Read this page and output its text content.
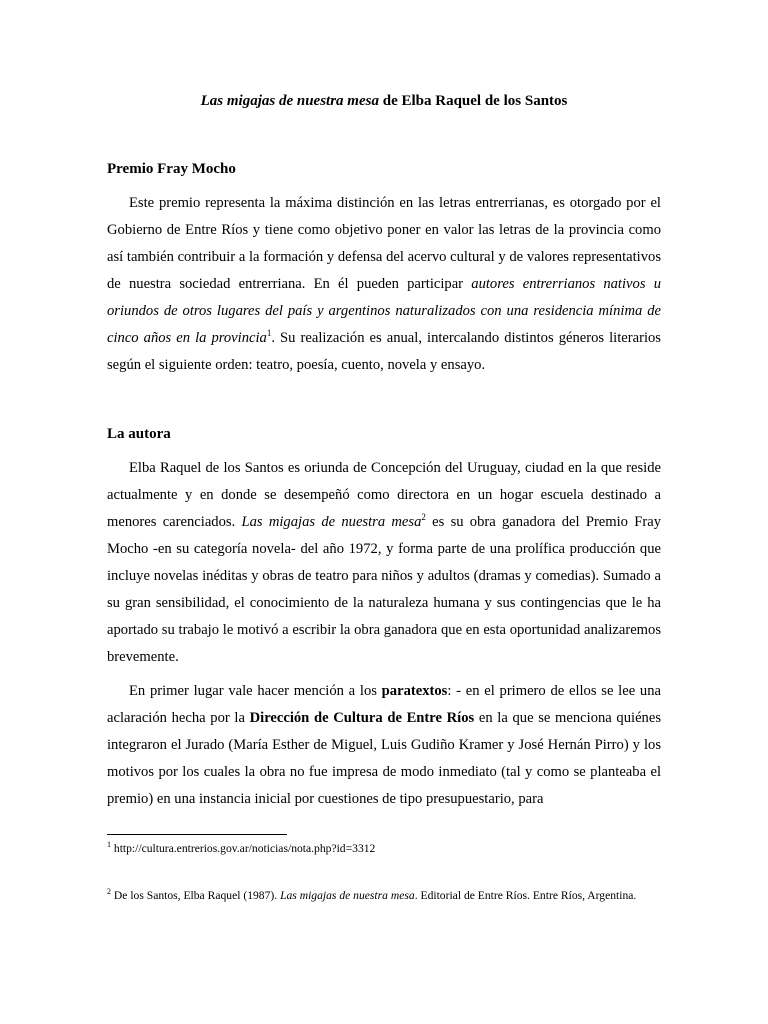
Las migajas de nuestra mesa de Elba Raquel de los Santos
Premio Fray Mocho
Este premio representa la máxima distinción en las letras entrerrianas, es otorgado por el Gobierno de Entre Ríos y tiene como objetivo poner en valor las letras de la provincia como así también contribuir a la formación y defensa del acervo cultural y de valores representativos de nuestra sociedad entrerriana. En él pueden participar autores entrerrianos nativos u oriundos de otros lugares del país y argentinos naturalizados con una residencia mínima de cinco años en la provincia$^1$. Su realización es anual, intercalando distintos géneros literarios según el siguiente orden: teatro, poesía, cuento, novela y ensayo.
La autora
Elba Raquel de los Santos es oriunda de Concepción del Uruguay, ciudad en la que reside actualmente y en donde se desempeñó como directora en un hogar escuela destinado a menores carenciados. Las migajas de nuestra mesa$^2$ es su obra ganadora del Premio Fray Mocho -en su categoría novela- del año 1972, y forma parte de una prolífica producción que incluye novelas inéditas y obras de teatro para niños y adultos (dramas y comedias). Sumado a su gran sensibilidad, el conocimiento de la naturaleza humana y sus contingencias que le ha aportado su trabajo le motivó a escribir la obra ganadora que en esta oportunidad analizaremos brevemente.
En primer lugar vale hacer mención a los paratextos: - en el primero de ellos se lee una aclaración hecha por la Dirección de Cultura de Entre Ríos en la que se menciona quiénes integraron el Jurado (María Esther de Miguel, Luis Gudiño Kramer y José Hernán Pirro) y los motivos por los cuales la obra no fue impresa de modo inmediato (tal y como se planteaba el premio) en una instancia inicial por cuestiones de tipo presupuestario, para
$^1$ http://cultura.entrerios.gov.ar/noticias/nota.php?id=3312
$^2$ De los Santos, Elba Raquel (1987). Las migajas de nuestra mesa. Editorial de Entre Ríos. Entre Ríos, Argentina.
